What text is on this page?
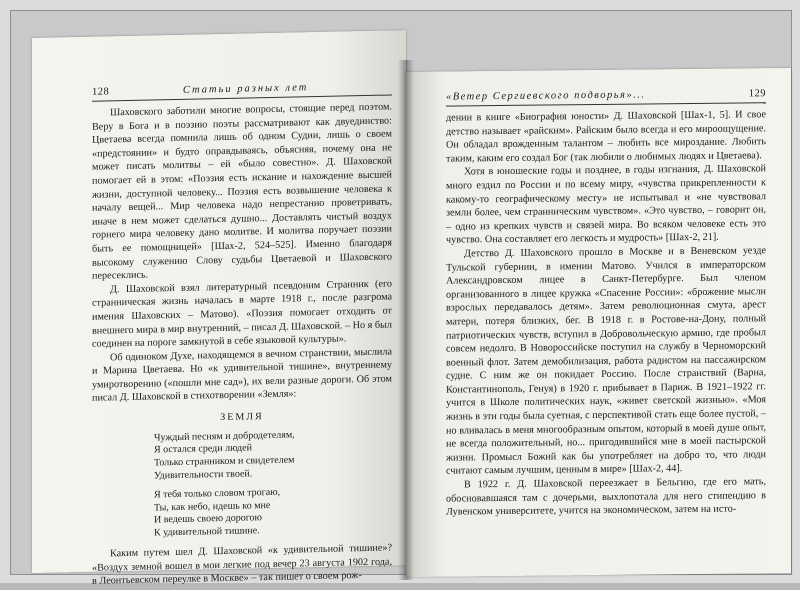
128	Статьи разных лет

Шаховского заботили многие вопросы, стоящие перед поэтом. Веру в Бога и в поэзию поэты рассматривают как двуединство: Цветаева всегда помнила лишь об одном Судии, лишь о своем «предстоянии» и будто оправдываясь, объясняя, почему она не может писать молитвы – ей «было совестно». Д. Шаховской помогает ей в этом: «Поэзия есть искание и нахождение высшей жизни, доступной человеку... Поэзия есть возвышение человека к началу вещей... Мир человека надо непрестанно проветривать, иначе в нем может сделаться душно... Доставлять чистый воздух горнего мира человеку дано молитве. И молитва поручает поэзии быть ее помощницей» [Шах-2, 524–525]. Именно благодаря высокому служению Слову судьбы Цветаевой и Шаховского пересеклись.

Д. Шаховской взял литературный псевдоним Странник (его странническая жизнь началась в марте 1918 г., после разгрома имения Шаховских – Матово). «Поэзия помогает отходить от внешнего мира в мир внутренний, – писал Д. Шаховской. – Но я был соединен на пороге замкнутой в себе языковой культуры».

Об одиноком Духе, находящемся в вечном странствии, мыслила и Марина Цветаева. Но «к удивительной тишине», внутреннему умиротворению («пошли мне сад»), их вели разные дороги. Об этом писал Д. Шаховской в стихотворении «Земля»:

ЗЕМЛЯ
Чуждый песням и добродетелям,
Я остался среди людей
Только странником и свидетелем
Удивительности твоей.
Я тебя только словом трогаю,
Ты, как небо, идешь ко мне
И ведешь своею дорогою
К удивительной тишине.

Каким путем шел Д. Шаховской «к удивительной тишине»? «Воздух земной вошел в мои легкие под вечер 23 августа 1902 года, в Леонтьевском переулке в Москве» – так пишет о своем рож-

«Ветер Сергиевского подворья»...	129

дении в книге «Биография юности» Д. Шаховской [Шах-1, 5]. И свое детство называет «райским». Райским было всегда и его мироощущение. Он обладал врожденным талантом – любить все мироздание. Любить таким, каким его создал Бог (так любили о любимых людях и Цветаева).

Хотя в юношеские годы и позднее, в годы изгнания, Д. Шаховской много ездил по России и по всему миру, «чувства прикрепленности к какому-то географическому месту» не испытывал и «не чувствовал земли более, чем странническим чувством». «Это чувство, – говорит он, – одно из крепких чувств и связей мира. Во всяком человеке есть это чувство. Она составляет его легкость и мудрость» [Шах-2, 21].

Детство Д. Шаховского прошло в Москве и в Веневском уезде Тульской губернии, в имении Матово. Учился в императорском Александровском лицее в Санкт-Петербурге. Был членом организованного в лицее кружка «Спасение России»: «брожение мысли взрослых передавалось детям». Затем революционная смута, арест матери, потеря близких, бег. В 1918 г. в Ростове-на-Дону, полный патриотических чувств, вступил в Добровольческую армию, где пробыл совсем недолго. В Новороссийске поступил на службу в Черноморский военный флот. Затем демобилизация, работа радистом на пассажирском судне. С ним же он покидает Россию. После странствий (Варна, Константинополь, Генуя) в 1920 г. прибывает в Париж. В 1921–1922 гг. учится в Школе политических наук, «живет светской жизнью». «Моя жизнь в эти годы была суетная, с перспективой стать еще более пустой, – но вливалась в меня многообразным опытом, который в моей душе опыт, не всегда положительный, но... пригодившийся мне в моей пастырской жизни. Промысл Божий как бы употребляет на добро то, что люди считают самым лучшим, ценным в мире» [Шах-2, 44].

В 1922 г. Д. Шаховской переезжает в Бельгию, где его мать, обосновавшаяся там с дочерьми, выхлопотала для него стипендию в Лувенском университете, учится на экономическом, затем на исто-
